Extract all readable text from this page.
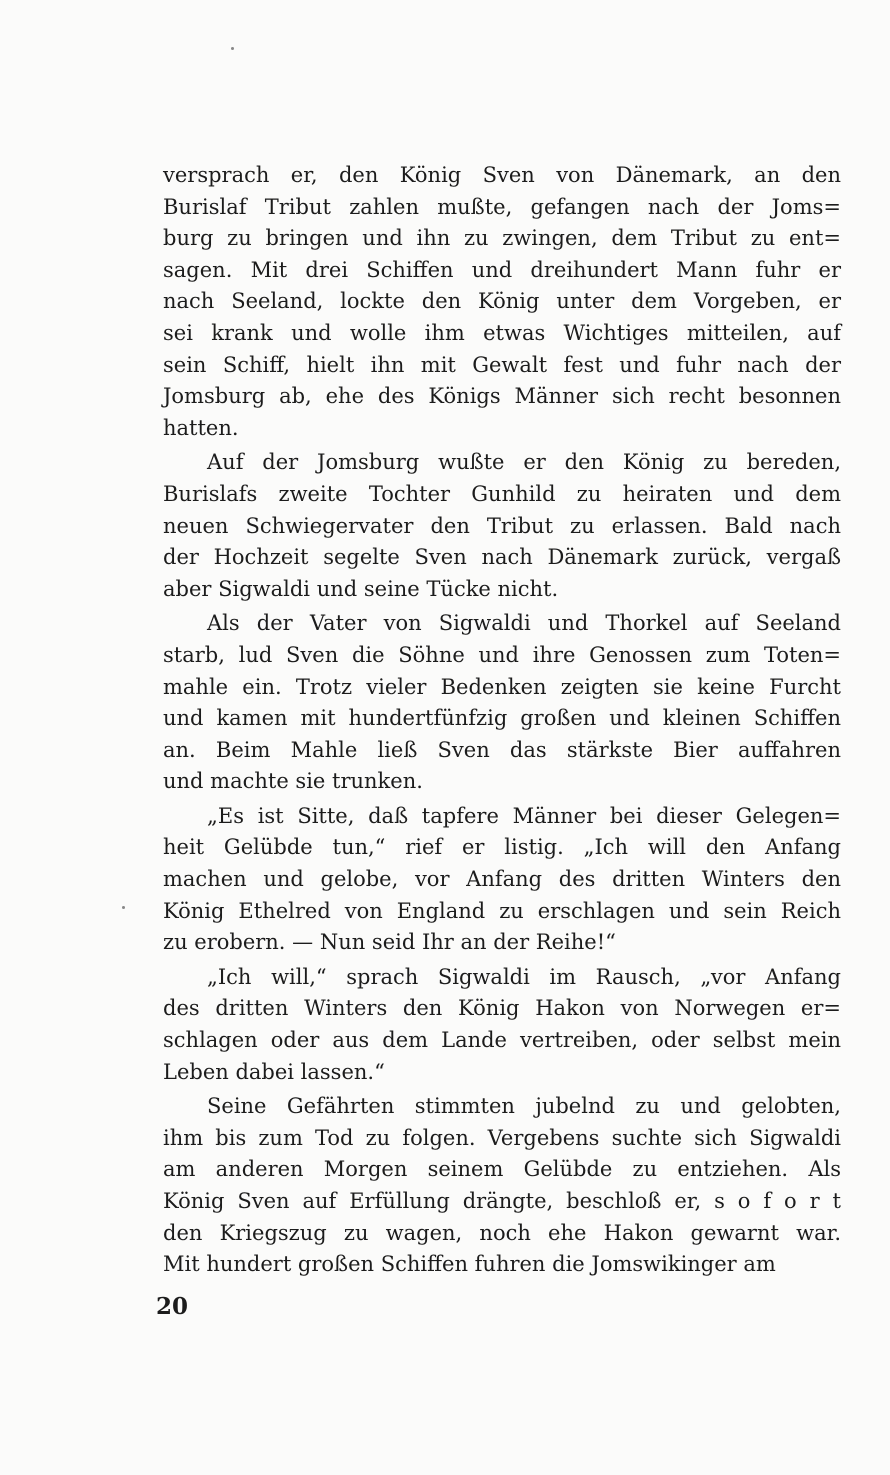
versprach er, den König Sven von Dänemark, an den
Burislaf Tribut zahlen mußte, gefangen nach der Joms=
burg zu bringen und ihn zu zwingen, dem Tribut zu ent=
sagen. Mit drei Schiffen und dreihundert Mann fuhr er
nach Seeland, lockte den König unter dem Vorgeben, er
sei krank und wolle ihm etwas Wichtiges mitteilen, auf
sein Schiff, hielt ihn mit Gewalt fest und fuhr nach der
Jomsburg ab, ehe des Königs Männer sich recht besonnen
hatten.
Auf der Jomsburg wußte er den König zu bereden,
Burislafs zweite Tochter Gunhild zu heiraten und dem
neuen Schwiegervater den Tribut zu erlassen. Bald nach
der Hochzeit segelte Sven nach Dänemark zurück, vergaß
aber Sigwaldi und seine Tücke nicht.
Als der Vater von Sigwaldi und Thorkel auf Seeland
starb, lud Sven die Söhne und ihre Genossen zum Toten=
mahle ein. Trotz vieler Bedenken zeigten sie keine Furcht
und kamen mit hundertfünfzig großen und kleinen Schiffen
an. Beim Mahle ließ Sven das stärkste Bier auffahren
und machte sie trunken.
„Es ist Sitte, daß tapfere Männer bei dieser Gelegen=
heit Gelübde tun,“ rief er listig. „Ich will den Anfang
machen und gelobe, vor Anfang des dritten Winters den
König Ethelred von England zu erschlagen und sein Reich
zu erobern. — Nun seid Ihr an der Reihe!“
„Ich will,“ sprach Sigwaldi im Rausch, „vor Anfang
des dritten Winters den König Hakon von Norwegen er=
schlagen oder aus dem Lande vertreiben, oder selbst mein
Leben dabei lassen.“
Seine Gefährten stimmten jubelnd zu und gelobten,
ihm bis zum Tod zu folgen. Vergebens suchte sich Sigwaldi
am anderen Morgen seinem Gelübde zu entziehen. Als
König Sven auf Erfüllung drängte, beschloß er, s o f o r t
den Kriegszug zu wagen, noch ehe Hakon gewarnt war.
Mit hundert großen Schiffen fuhren die Jomswikinger am
20
